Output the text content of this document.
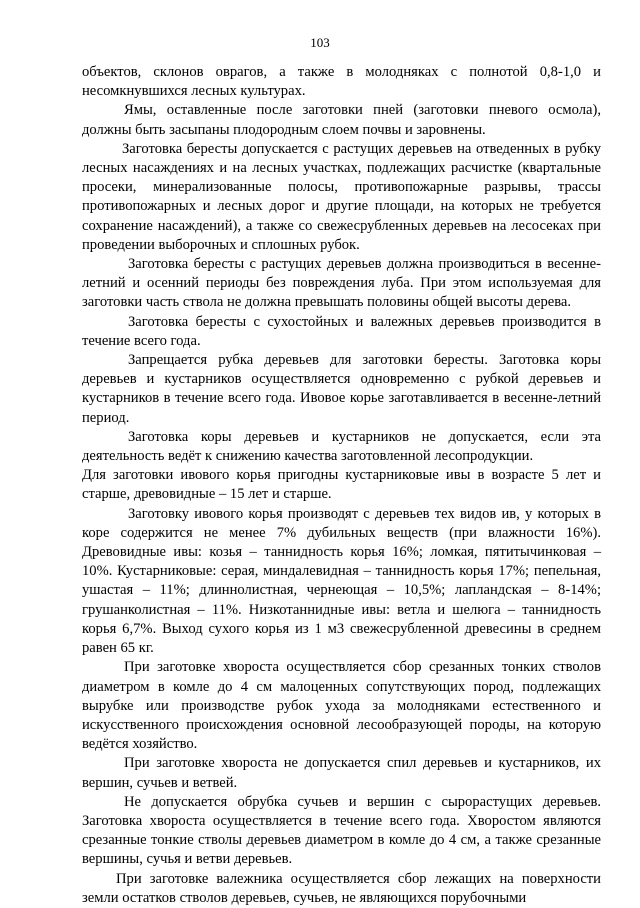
103

объектов, склонов оврагов, а также в молодняках с полнотой 0,8-1,0 и несомкнувшихся лесных культурах.

Ямы, оставленные после заготовки пней (заготовки пневого осмола), должны быть засыпаны плодородным слоем почвы и заровнены.

Заготовка бересты допускается с растущих деревьев на отведенных в рубку лесных насаждениях и на лесных участках, подлежащих расчистке (квартальные просеки, минерализованные полосы, противопожарные разрывы, трассы противопожарных и лесных дорог и другие площади, на которых не требуется сохранение насаждений), а также со свежесрубленных деревьев на лесосеках при проведении выборочных и сплошных рубок.

Заготовка бересты с растущих деревьев должна производиться в весенне-летний и осенний периоды без повреждения луба. При этом используемая для заготовки часть ствола не должна превышать половины общей высоты дерева.

Заготовка бересты с сухостойных и валежных деревьев производится в течение всего года.

Запрещается рубка деревьев для заготовки бересты. Заготовка коры деревьев и кустарников осуществляется одновременно с рубкой деревьев и кустарников в течение всего года. Ивовое корье заготавливается в весенне-летний период.

Заготовка коры деревьев и кустарников не допускается, если эта деятельность ведёт к снижению качества заготовленной лесопродукции.

Для заготовки ивового корья пригодны кустарниковые ивы в возрасте 5 лет и старше, древовидные – 15 лет и старше.

Заготовку ивового корья производят с деревьев тех видов ив, у которых в коре содержится не менее 7% дубильных веществ (при влажности 16%). Древовидные ивы: козья – таннидность корья 16%; ломкая, пятитычинковая – 10%. Кустарниковые: серая, миндалевидная – таннидность корья 17%; пепельная, ушастая – 11%; длиннолистная, чернеющая – 10,5%; лапландская – 8-14%; грушанколистная – 11%. Низкотаннидные ивы: ветла и шелюга – таннидность корья 6,7%. Выход сухого корья из 1 м3 свежесрубленной древесины в среднем равен 65 кг.

При заготовке хвороста осуществляется сбор срезанных тонких стволов диаметром в комле до 4 см малоценных сопутствующих пород, подлежащих вырубке или производстве рубок ухода за молодняками естественного и искусственного происхождения основной лесообразующей породы, на которую ведётся хозяйство.

При заготовке хвороста не допускается спил деревьев и кустарников, их вершин, сучьев и ветвей.

Не допускается обрубка сучьев и вершин с сырорастущих деревьев. Заготовка хвороста осуществляется в течение всего года. Хворостом являются срезанные тонкие стволы деревьев диаметром в комле до 4 см, а также срезанные вершины, сучья и ветви деревьев.

При заготовке валежника осуществляется сбор лежащих на поверхности земли остатков стволов деревьев, сучьев, не являющихся порубочными
